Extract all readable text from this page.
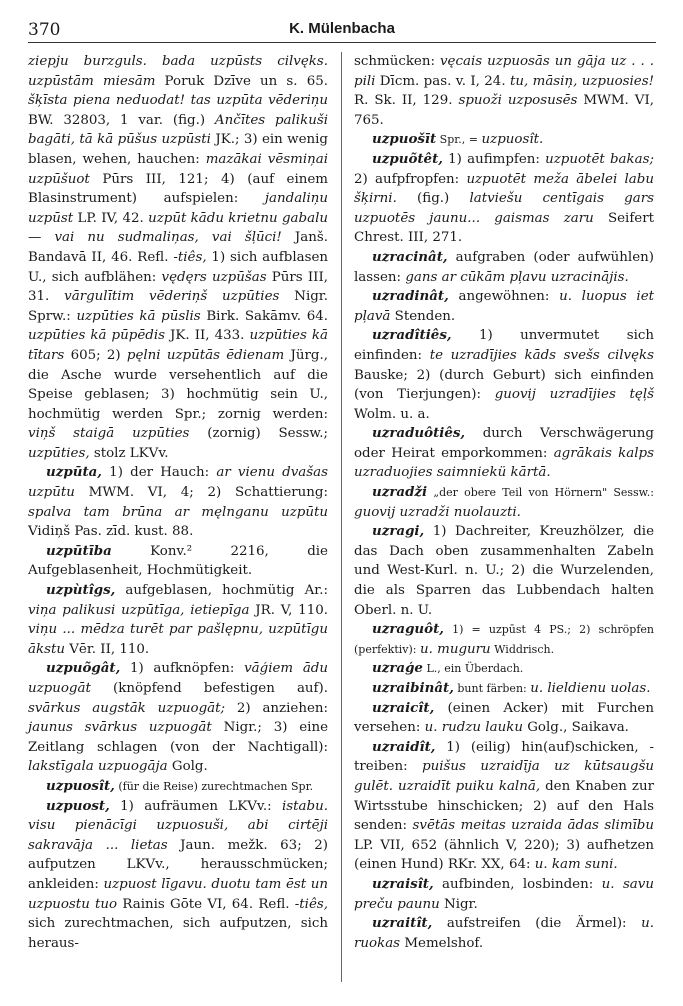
370	K. Mülenbacha

ziepju burzguls. bada uzpūsts cilvęks. uzpūstām miesām Poruk Dzīve un s. 65. šķīsta piena neduodat! tas uzpūta vēderiņu BW. 32803, 1 var. (fig.) Ančītes palikuši bagāti, tā kā pūšus uzpūsti JK.; 3) ein wenig blasen, wehen, hauchen: mazākai vēsmiņai uzpūšuot Pūrs III, 121; 4) (auf einem Blasinstrument) aufspielen: jandaliņu uzpūst LP. IV, 42. uzpūt kādu krietnu gabalu — vai nu sudmaliņas, vai šļūci! Janš. Bandavā II, 46. Refl. -tiês, 1) sich aufblasen U., sich aufblähen: vędęrs uzpūšas Pūrs III, 31. vārgulītim vēderiņš uzpūties Nigr. Sprw.: uzpūties kā pūslis Birk. Sakāmv. 64. uzpūties kā pūpēdis JK. II, 433. uzpūties kā tītars 605; 2) pęlni uzpūtās ēdienam Jürg., die Asche wurde versehentlich auf die Speise geblasen; 3) hochmütig sein U., hochmütig werden Spr.; zornig werden: viņš staigā uzpūties (zornig) Sessw.; uzpūties, stolz LKVv.

uzpūta, 1) der Hauch: ar vienu dvašas uzpūtu MWM. VI, 4; 2) Schattierung: spalva tam brūna ar męlnganu uzpūtu Vidiņš Pas. zīd. kust. 88.

uzpūtība Konv.² 2216, die Aufgeblasenheit, Hochmütigkeit.

uzpùtîgs, aufgeblasen, hochmütig Ar.: viņa palikusi uzpūtīga, ietiepīga JR. V, 110. viņu ... mēdza turēt par pašlępnu, uzpūtīgu ākstu Vēr. II, 110.

uzpuõgât, 1) aufknöpfen: vāģiem ādu uzpuogāt (knöpfend befestigen auf). svārkus augstāk uzpuogāt; 2) anziehen: jaunus svārkus uzpuogāt Nigr.; 3) eine Zeitlang schlagen (von der Nachtigall): lakstīgala uzpuogāja Golg.

uzpuosît, (für die Reise) zurechtmachen Spr.

uzpuost, 1) aufräumen LKVv.: istabu. visu pienācīgi uzpuosuši, abi cirtēji sakravāja ... lietas Jaun. mežk. 63; 2) aufputzen LKVv., herausschmücken; ankleiden: uzpuost līgavu. duotu tam ēst un uzpuostu tuo Rainis Gōte VI, 64. Refl. -tiês, sich zurechtmachen, sich aufputzen, sich heraus-

schmücken: vęcais uzpuosās un gāja uz . . . pili Dīcm. pas. v. I, 24. tu, māsiņ, uzpuosies! R. Sk. II, 129. spuoži uzposusēs MWM. VI, 765.

uzpuošīt Spr., = uzpuosît.

uzpuõtêt, 1) aufimpfen: uzpuotēt bakas; 2) aufpfropfen: uzpuotēt meža ābelei labu šķirni. (fig.) latviešu centīgais gars uzpuotēs jaunu... gaismas zaru Seifert Chrest. III, 271.

uzracinât, aufgraben (oder aufwühlen) lassen: gans ar cūkām pļavu uzracinājis.

uzradinât, angewöhnen: u. luopus iet pļavā Stenden.

uzradîtiês, 1) unvermutet sich einfinden: te uzradījies kāds svešs cilvęks Bauske; 2) (durch Geburt) sich einfinden (von Tierjungen): guovij uzradījies tęļš Wolm. u. a.

uzraduôtiês, durch Verschwägerung oder Heirat emporkommen: agrākais kalps uzraduojies saimniekü kārtā.

uzradži „der obere Teil von Hörnern" Sessw.: guovij uzradži nuolauzti.

uzragi, 1) Dachreiter, Kreuzhölzer, die das Dach oben zusammenhalten Zabeln und West-Kurl. n. U.; 2) die Wurzelenden, die als Sparren das Lubbendach halten Oberl. n. U.

uzraguôt, 1) = uzpūst 4 PS.; 2) schröpfen (perfektiv): u. muguru Widdrisch.

uzraģe L., ein Überdach.

uzraibinât, bunt färben: u. lieldienu uolas.

uzraicît, (einen Acker) mit Furchen versehen: u. rudzu lauku Golg., Saikava.

uzraidît, 1) (eilig) hin(auf)schicken, -treiben: puišus uzraidīja uz kūtsaugšu gulēt. uzraidīt puiku kalnā, den Knaben zur Wirtsstube hinschicken; 2) auf den Hals senden: svētās meitas uzraida ādas slimību LP. VII, 652 (ähnlich V, 220); 3) aufhetzen (einen Hund) RKr. XX, 64: u. kam suni.

uzraisît, aufbinden, losbinden: u. savu preču paunu Nigr.

uzraitît, aufstreifen (die Ärmel): u. ruokas Memelshof.
